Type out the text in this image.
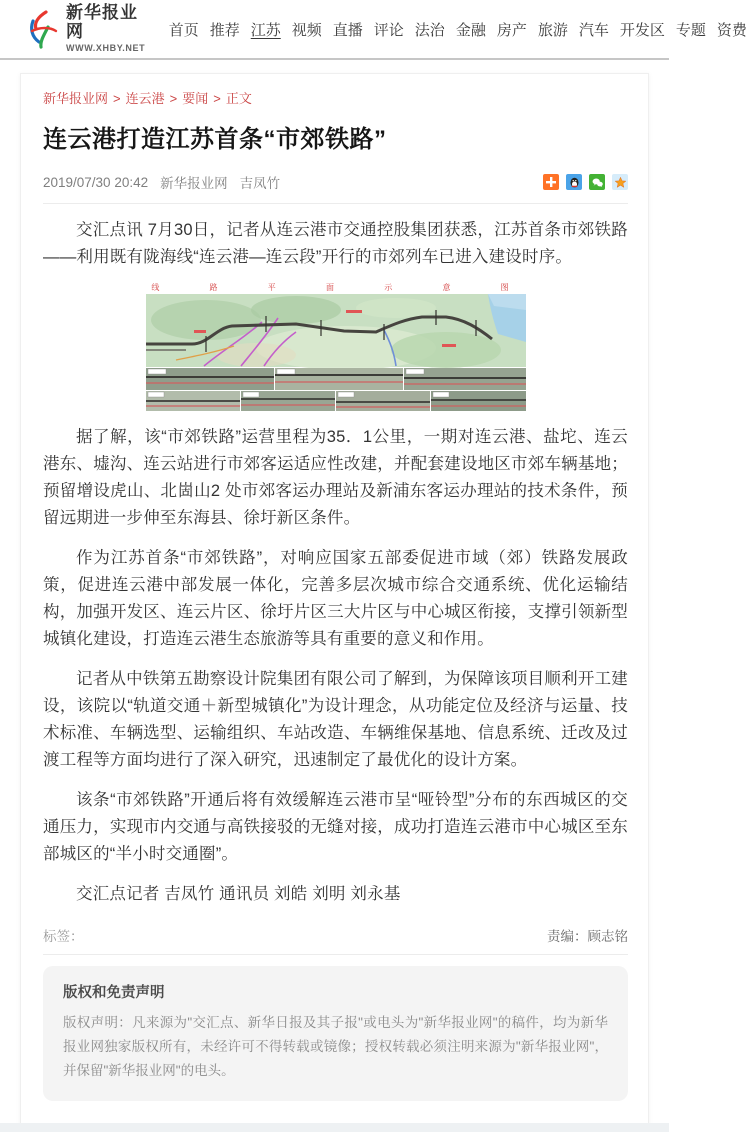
新华报业网
WWW.XHBY.NET
首页 推荐 江苏 视频 直播 评论 法治 金融 房产 旅游 汽车 开发区 专题 资费
新华报业网 > 连云港 > 要闻 > 正文
连云港打造江苏首条“市郊铁路”
2019/07/30 20:42 新华报业网 吉凤竹

交汇点讯 7月30日，记者从连云港市交通控股集团获悉，江苏首条市郊铁路——利用既有陇海线“连云港—连云段”开行的市郊列车已进入建设时序。

线 路 平 面 示 意 图

据了解，该“市郊铁路”运营里程为35．1公里，一期对连云港、盐坨、连云港东、墟沟、连云站进行市郊客运适应性改建，并配套建设地区市郊车辆基地；预留增设虎山、北崮山2 处市郊客运办理站及新浦东客运办理站的技术条件，预留远期进一步伸至东海县、徐圩新区条件。

作为江苏首条“市郊铁路”，对响应国家五部委促进市域（郊）铁路发展政策，促进连云港中部发展一体化，完善多层次城市综合交通系统、优化运输结构，加强开发区、连云片区、徐圩片区三大片区与中心城区衔接，支撑引领新型城镇化建设，打造连云港生态旅游等具有重要的意义和作用。

记者从中铁第五勘察设计院集团有限公司了解到，为保障该项目顺利开工建设，该院以“轨道交通＋新型城镇化”为设计理念，从功能定位及经济与运量、技术标准、车辆选型、运输组织、车站改造、车辆维保基地、信息系统、迁改及过渡工程等方面均进行了深入研究，迅速制定了最优化的设计方案。

该条“市郊铁路”开通后将有效缓解连云港市呈“哑铃型”分布的东西城区的交通压力，实现市内交通与高铁接驳的无缝对接，成功打造连云港市中心城区至东部城区的“半小时交通圈”。

交汇点记者 吉凤竹 通讯员 刘皓 刘明 刘永基

标签：	责编：顾志铭
版权和免责声明

版权声明：凡来源为"交汇点、新华日报及其子报"或电头为"新华报业网"的稿件，均为新华报业网独家版权所有，未经许可不得转载或镜像；授权转载必须注明来源为"新华报业网"，并保留"新华报业网"的电头。
